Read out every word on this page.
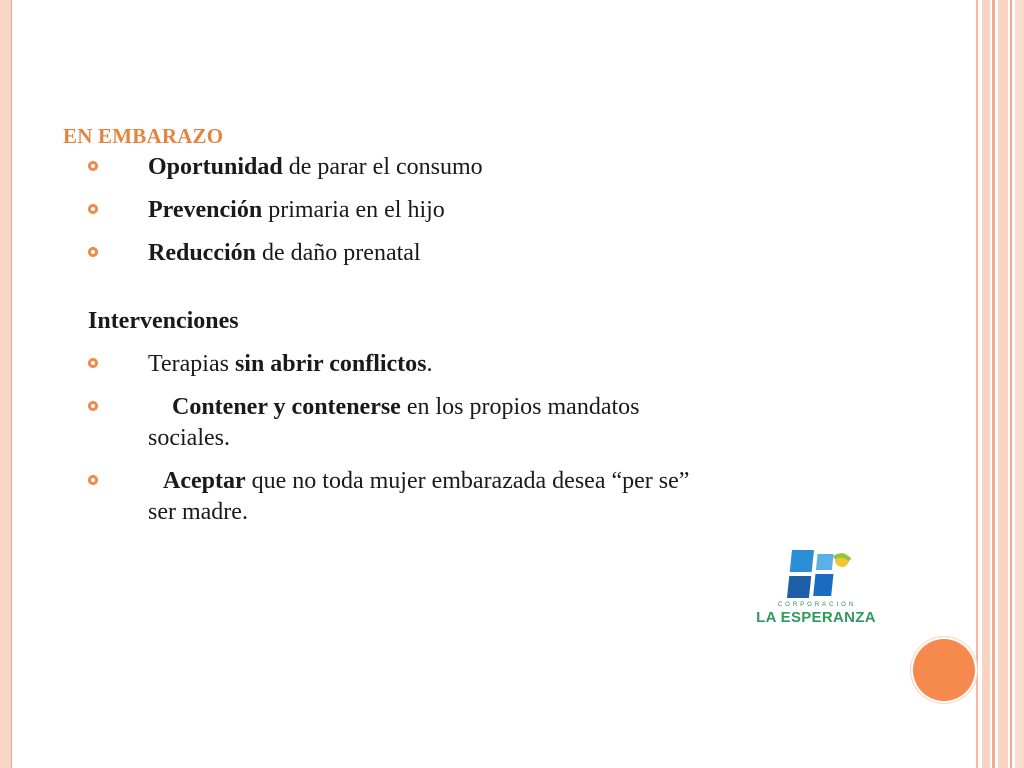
EN EMBARAZO
Oportunidad de parar el consumo
Prevención primaria en el hijo
Reducción de daño prenatal
Intervenciones
Terapias sin abrir conflictos.
Contener y contenerse en los propios mandatos sociales.
Aceptar que no toda mujer embarazada desea “per se” ser madre.
CORPORACION
LA ESPERANZA
